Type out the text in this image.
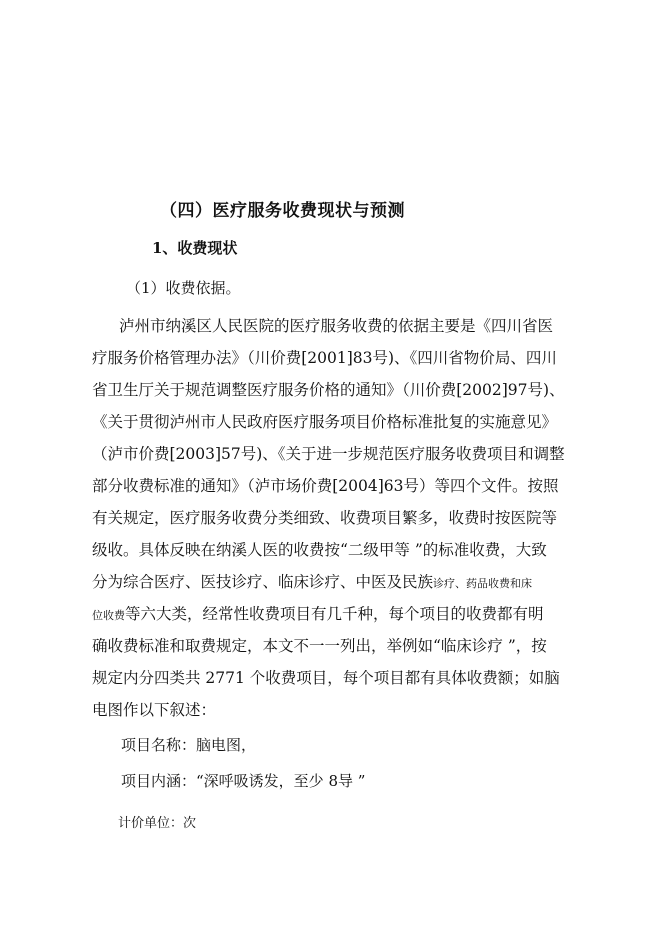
（四）医疗服务收费现状与预测
1、收费现状
（1）收费依据。
泸州市纳溪区人民医院的医疗服务收费的依据主要是《四川省医
疗服务价格管理办法》（川价费[2001]83号)、《四川省物价局、四川
省卫生厅关于规范调整医疗服务价格的通知》（川价费[2002]97号)、
《关于贯彻泸州市人民政府医疗服务项目价格标准批复的实施意见》
（泸市价费[2003]57号)、《关于进一步规范医疗服务收费项目和调整
部分收费标准的通知》（泸市场价费[2004]63号）等四个文件。按照
有关规定，医疗服务收费分类细致、收费项目繁多，收费时按医院等
级收。具体反映在纳溪人医的收费按“二级甲等 ”的标准收费，大致
分为综合医疗、医技诊疗、临床诊疗、中医及民族诊疗、药品收费和床
位收费等六大类，经常性收费项目有几千种，每个项目的收费都有明
确收费标准和取费规定，本文不一一列出，举例如“临床诊疗 ”，按
规定内分四类共 2771 个收费项目，每个项目都有具体收费额；如脑
电图作以下叙述：
项目名称：脑电图，
项目内涵：“深呼吸诱发，至少 8导 ”
计价单位：次
